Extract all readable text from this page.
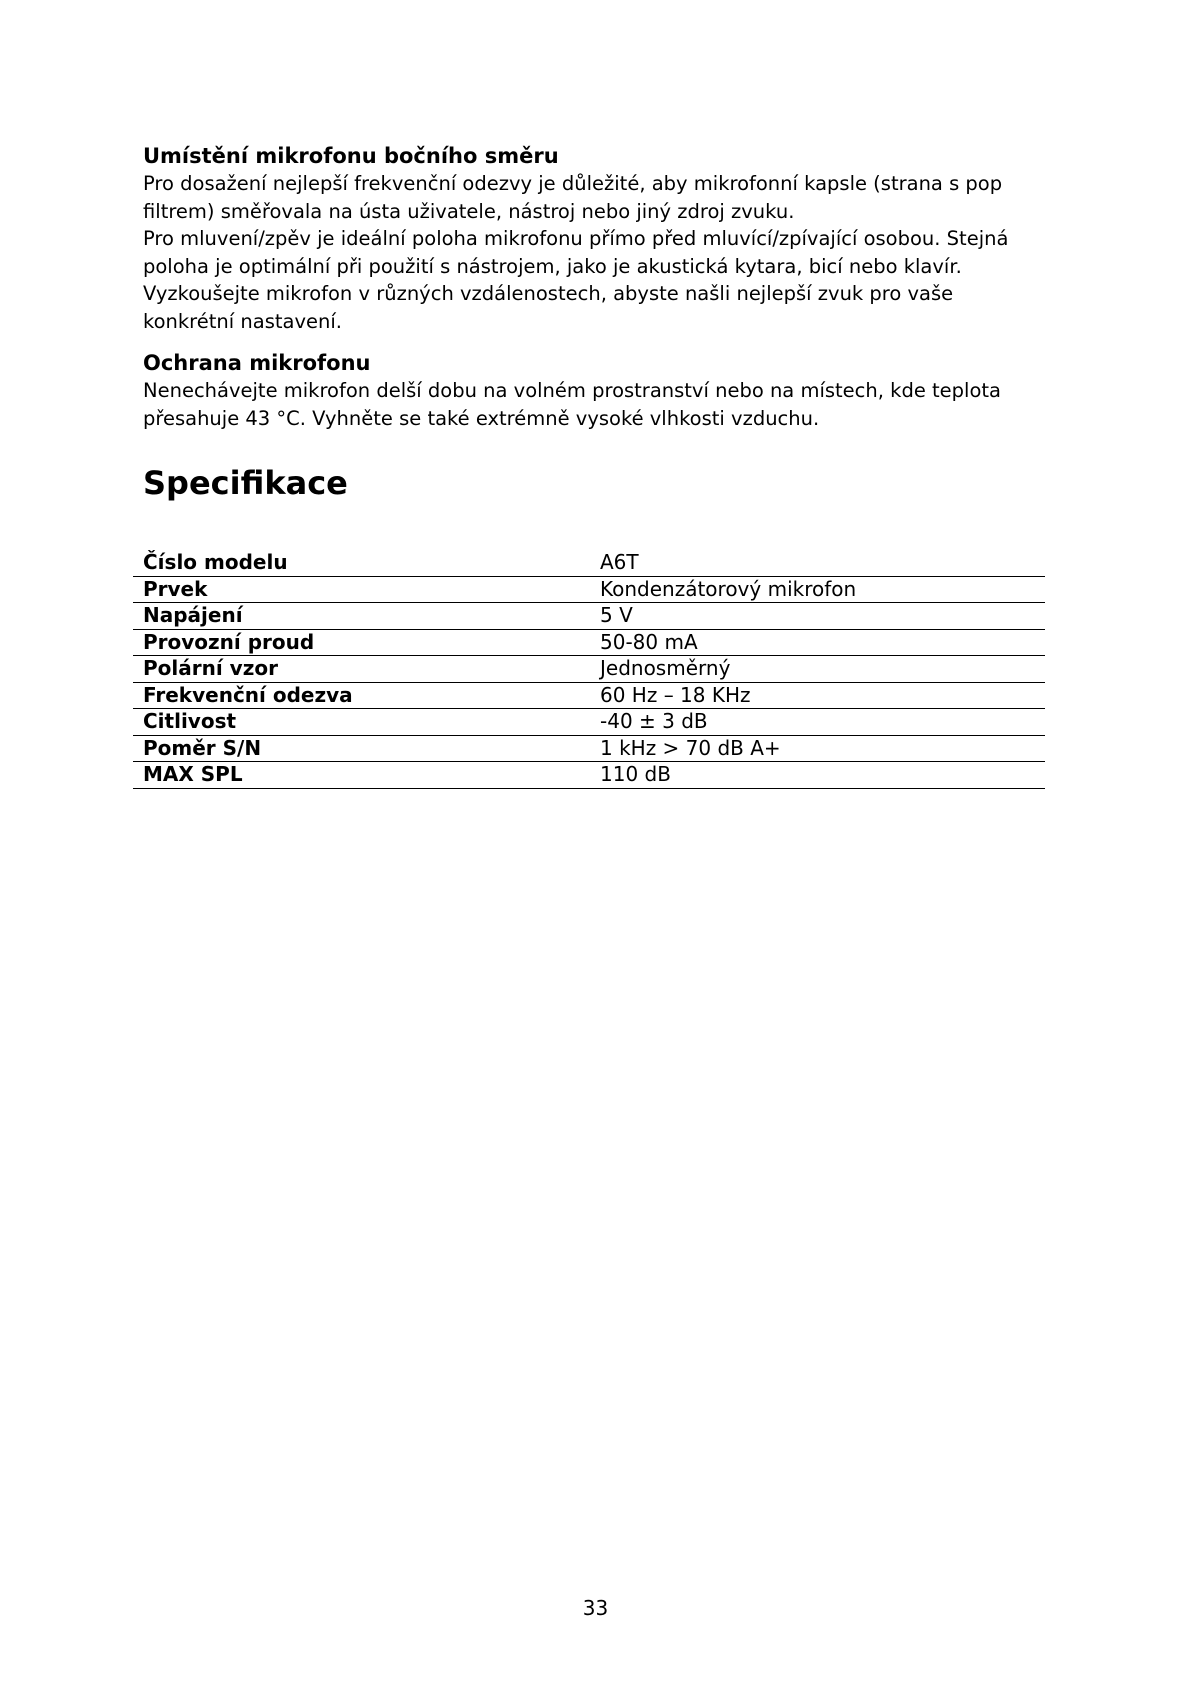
Umístění mikrofonu bočního směru

Pro dosažení nejlepší frekvenční odezvy je důležité, aby mikrofonní kapsle (strana s pop

filtrem) směřovala na ústa uživatele, nástroj nebo jiný zdroj zvuku.

Pro mluvení/zpěv je ideální poloha mikrofonu přímo před mluvící/zpívající osobou. Stejná

poloha je optimální při použití s nástrojem, jako je akustická kytara, bicí nebo klavír.

Vyzkoušejte mikrofon v různých vzdálenostech, abyste našli nejlepší zvuk pro vaše

konkrétní nastavení.

Ochrana mikrofonu

Nenechávejte mikrofon delší dobu na volném prostranství nebo na místech, kde teplota

přesahuje 43 °C. Vyhněte se také extrémně vysoké vlhkosti vzduchu.

Specifikace
Číslo modelu	A6T
Prvek	Kondenzátorový mikrofon
Napájení	5 V
Provozní proud	50-80 mA
Polární vzor	Jednosměrný
Frekvenční odezva	60 Hz – 18 KHz
Citlivost	-40 ± 3 dB
Poměr S/N	1 kHz > 70 dB A+
MAX SPL	110 dB
33
